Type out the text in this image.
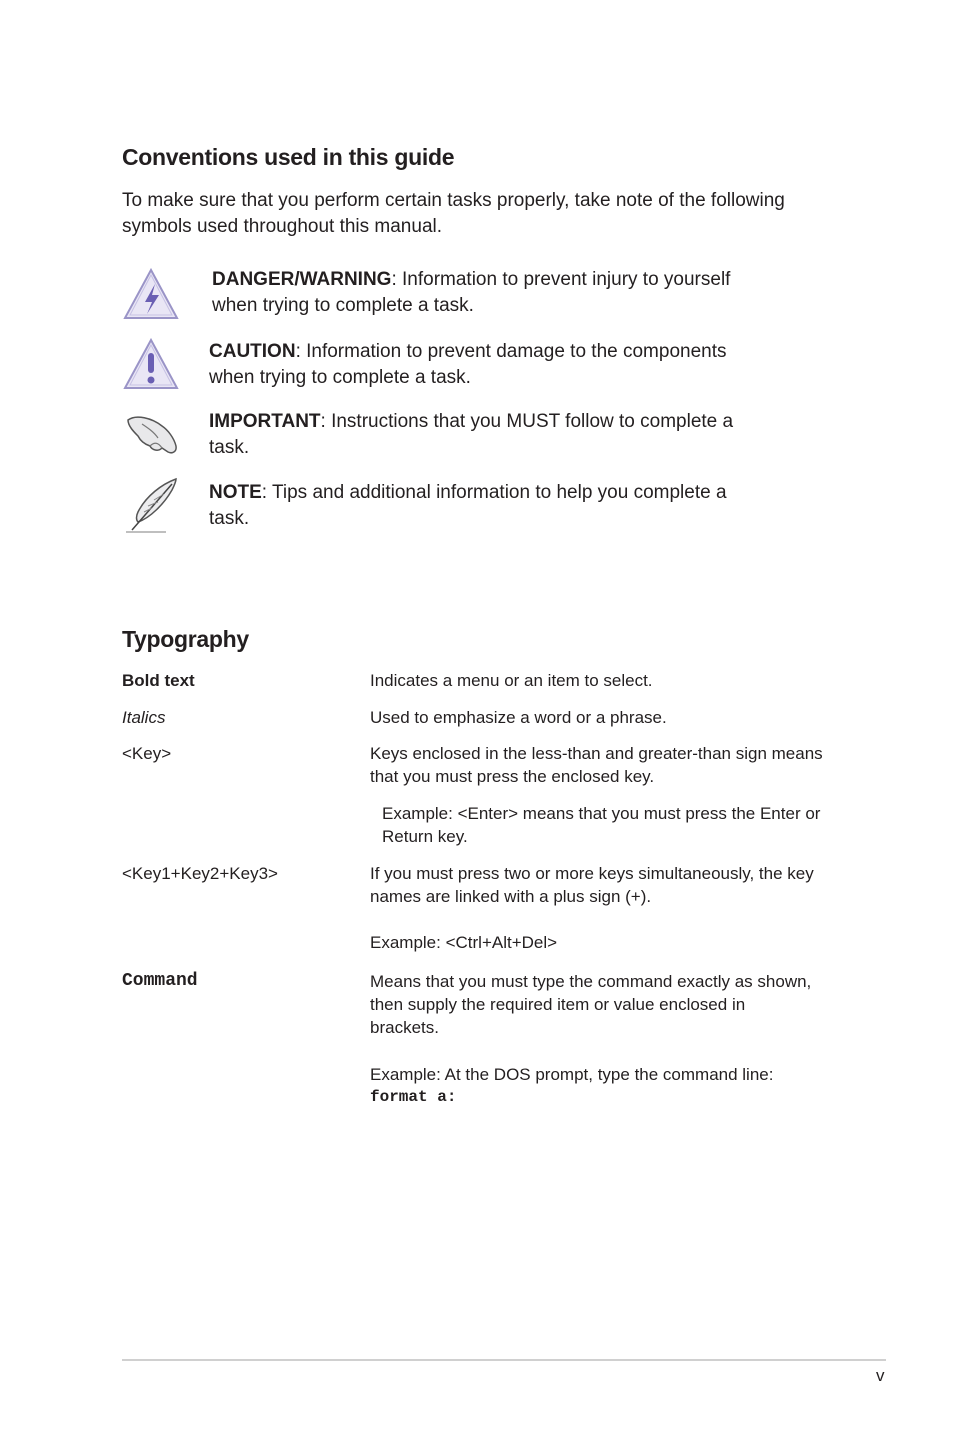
Conventions used in this guide
To make sure that you perform certain tasks properly, take note of the following
symbols used throughout this manual.
DANGER/WARNING: Information to prevent injury to yourself
when trying to complete a task.
CAUTION: Information to prevent damage to the components
when trying to complete a task.
IMPORTANT: Instructions that you MUST follow to complete a
task.
NOTE: Tips and additional information to help you complete a
task.
Typography
Bold text	Indicates a menu or an item to select.
Italics	Used to emphasize a word or a phrase.
<Key>	Keys enclosed in the less-than and greater-than sign means
that you must press the enclosed key.
Example: <Enter> means that you must press the Enter or
Return key.
<Key1+Key2+Key3>	If you must press two or more keys simultaneously, the key
names are linked with a plus sign (+).
Example: <Ctrl+Alt+Del>
Command	Means that you must type the command exactly as shown,
then supply the required item or value enclosed in
brackets.
Example: At the DOS prompt, type the command line:
format a:
v
